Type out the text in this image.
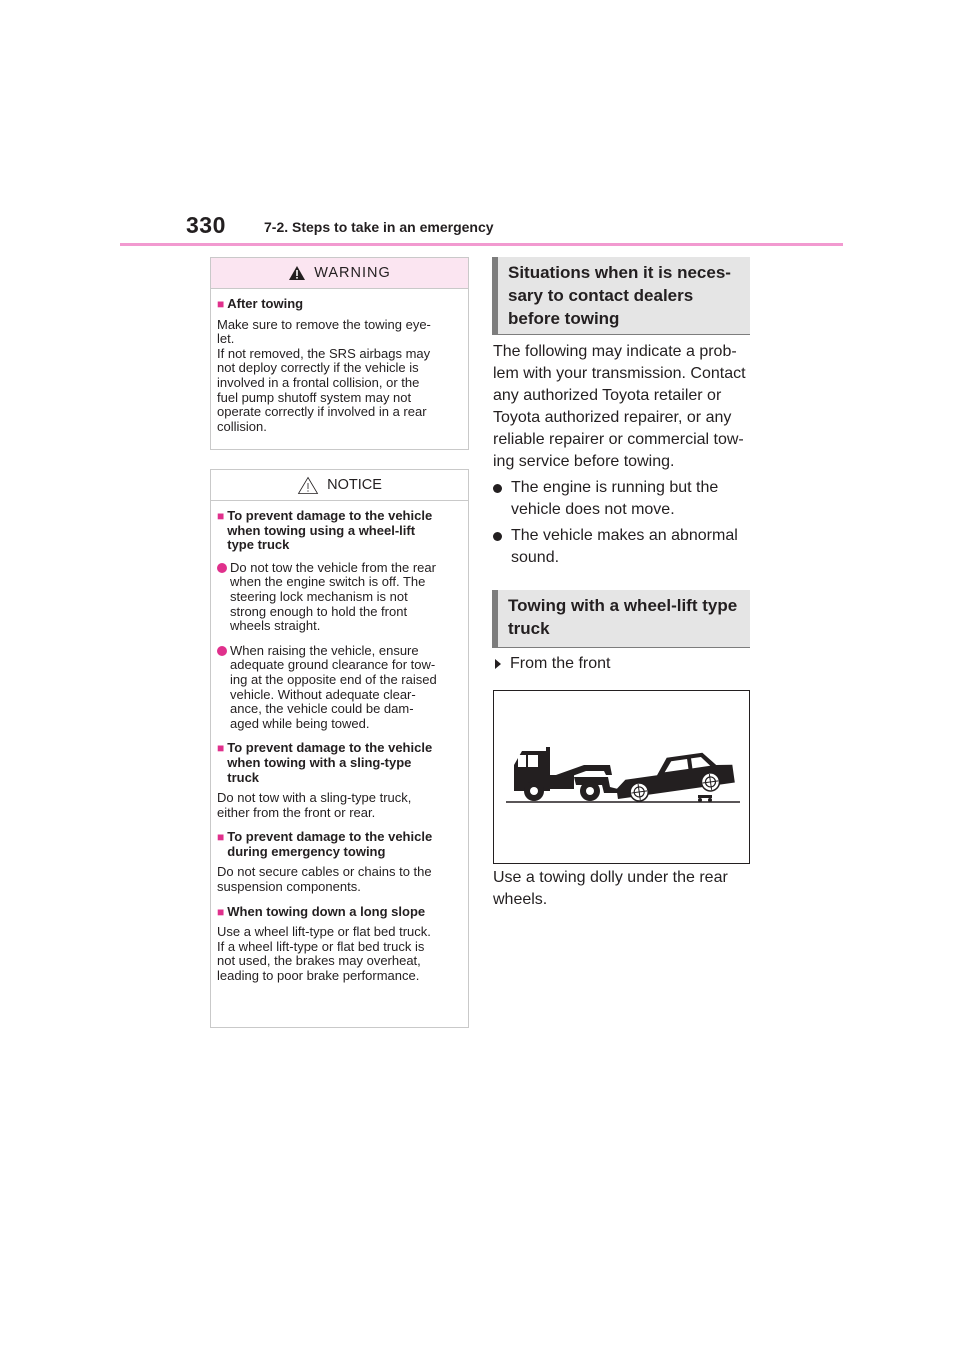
330	7-2. Steps to take in an emergency
WARNING
■ After towing
Make sure to remove the towing eye-
let.
If not removed, the SRS airbags may
not deploy correctly if the vehicle is
involved in a frontal collision, or the
fuel pump shutoff system may not
operate correctly if involved in a rear
collision.
NOTICE
■ To prevent damage to the vehicle
when towing using a wheel-lift
type truck
Do not tow the vehicle from the rear
when the engine switch is off. The
steering lock mechanism is not
strong enough to hold the front
wheels straight.
When raising the vehicle, ensure
adequate ground clearance for tow-
ing at the opposite end of the raised
vehicle. Without adequate clear-
ance, the vehicle could be dam-
aged while being towed.
■ To prevent damage to the vehicle
when towing with a sling-type
truck
Do not tow with a sling-type truck,
either from the front or rear.
■ To prevent damage to the vehicle
during emergency towing
Do not secure cables or chains to the
suspension components.
■ When towing down a long slope
Use a wheel lift-type or flat bed truck.
If a wheel lift-type or flat bed truck is
not used, the brakes may overheat,
leading to poor brake performance.
Situations when it is neces-
sary to contact dealers
before towing
The following may indicate a prob-
lem with your transmission. Contact
any authorized Toyota retailer or
Toyota authorized repairer, or any
reliable repairer or commercial tow-
ing service before towing.
The engine is running but the
vehicle does not move.
The vehicle makes an abnormal
sound.
Towing with a wheel-lift type
truck
From the front
Use a towing dolly under the rear
wheels.
